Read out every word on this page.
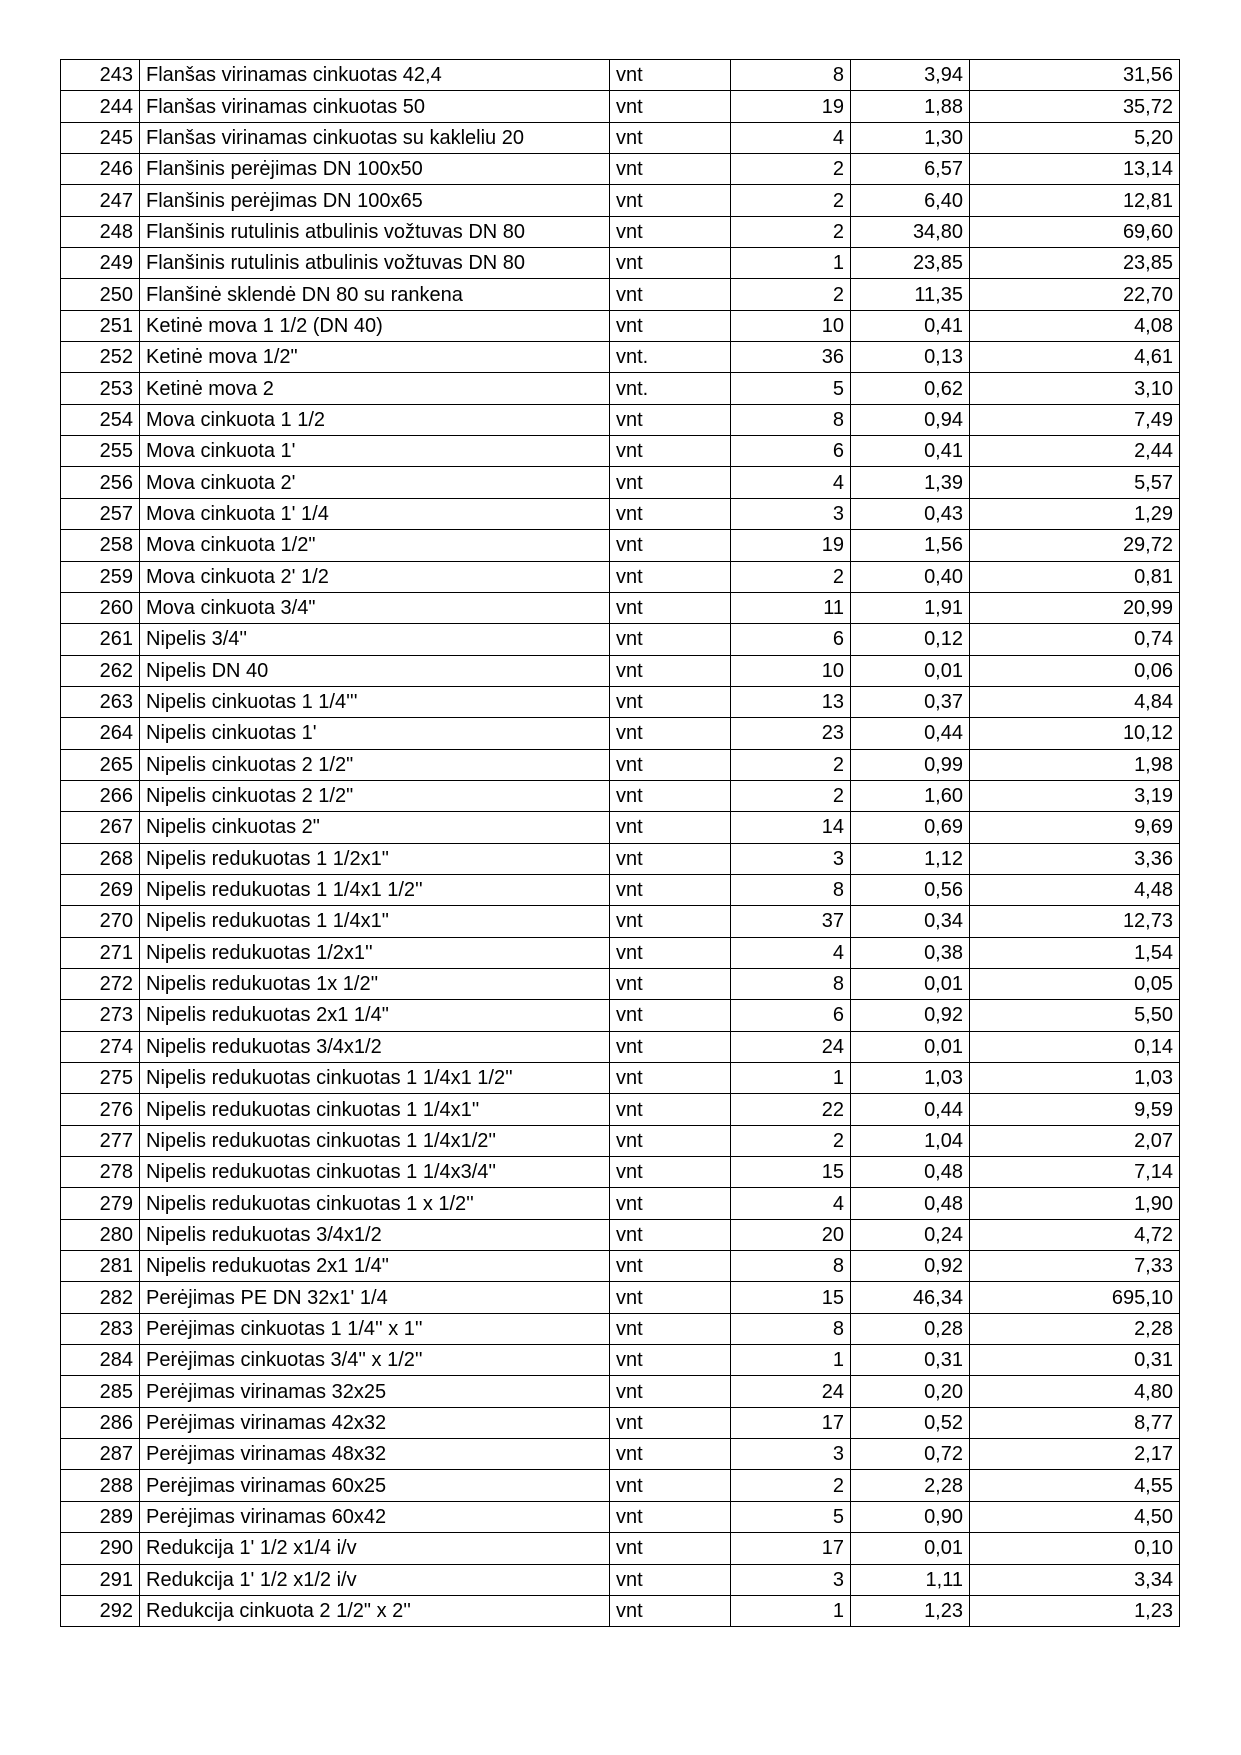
243	Flanšas virinamas cinkuotas 42,4	vnt	8	3,94	31,56
244	Flanšas virinamas cinkuotas 50	vnt	19	1,88	35,72
245	Flanšas virinamas cinkuotas su kakleliu 20	vnt	4	1,30	5,20
246	Flanšinis perėjimas DN 100x50	vnt	2	6,57	13,14
247	Flanšinis perėjimas DN 100x65	vnt	2	6,40	12,81
248	Flanšinis rutulinis atbulinis vožtuvas DN 80	vnt	2	34,80	69,60
249	Flanšinis rutulinis atbulinis vožtuvas DN 80	vnt	1	23,85	23,85
250	Flanšinė sklendė DN 80 su rankena	vnt	2	11,35	22,70
251	Ketinė mova 1 1/2 (DN 40)	vnt	10	0,41	4,08
252	Ketinė mova 1/2"	vnt.	36	0,13	4,61
253	Ketinė mova 2	vnt.	5	0,62	3,10
254	Mova cinkuota 1 1/2	vnt	8	0,94	7,49
255	Mova cinkuota 1'	vnt	6	0,41	2,44
256	Mova cinkuota 2'	vnt	4	1,39	5,57
257	Mova cinkuota 1' 1/4	vnt	3	0,43	1,29
258	Mova cinkuota 1/2"	vnt	19	1,56	29,72
259	Mova cinkuota 2' 1/2	vnt	2	0,40	0,81
260	Mova cinkuota 3/4"	vnt	11	1,91	20,99
261	Nipelis 3/4''	vnt	6	0,12	0,74
262	Nipelis DN 40	vnt	10	0,01	0,06
263	Nipelis cinkuotas 1 1/4'''	vnt	13	0,37	4,84
264	Nipelis cinkuotas 1'	vnt	23	0,44	10,12
265	Nipelis cinkuotas 2 1/2"	vnt	2	0,99	1,98
266	Nipelis cinkuotas 2 1/2"	vnt	2	1,60	3,19
267	Nipelis cinkuotas 2"	vnt	14	0,69	9,69
268	Nipelis redukuotas 1 1/2x1"	vnt	3	1,12	3,36
269	Nipelis redukuotas 1 1/4x1 1/2''	vnt	8	0,56	4,48
270	Nipelis redukuotas 1 1/4x1"	vnt	37	0,34	12,73
271	Nipelis redukuotas 1/2x1''	vnt	4	0,38	1,54
272	Nipelis redukuotas 1x 1/2''	vnt	8	0,01	0,05
273	Nipelis redukuotas 2x1 1/4"	vnt	6	0,92	5,50
274	Nipelis redukuotas 3/4x1/2	vnt	24	0,01	0,14
275	Nipelis redukuotas cinkuotas 1 1/4x1 1/2''	vnt	1	1,03	1,03
276	Nipelis redukuotas cinkuotas 1 1/4x1''	vnt	22	0,44	9,59
277	Nipelis redukuotas cinkuotas 1 1/4x1/2''	vnt	2	1,04	2,07
278	Nipelis redukuotas cinkuotas 1 1/4x3/4''	vnt	15	0,48	7,14
279	Nipelis redukuotas cinkuotas 1 x 1/2''	vnt	4	0,48	1,90
280	Nipelis redukuotas 3/4x1/2	vnt	20	0,24	4,72
281	Nipelis redukuotas 2x1 1/4"	vnt	8	0,92	7,33
282	Perėjimas PE DN 32x1' 1/4	vnt	15	46,34	695,10
283	Perėjimas cinkuotas 1 1/4'' x 1''	vnt	8	0,28	2,28
284	Perėjimas cinkuotas 3/4'' x 1/2''	vnt	1	0,31	0,31
285	Perėjimas virinamas 32x25	vnt	24	0,20	4,80
286	Perėjimas virinamas 42x32	vnt	17	0,52	8,77
287	Perėjimas virinamas 48x32	vnt	3	0,72	2,17
288	Perėjimas virinamas 60x25	vnt	2	2,28	4,55
289	Perėjimas virinamas 60x42	vnt	5	0,90	4,50
290	Redukcija 1' 1/2 x1/4 i/v	vnt	17	0,01	0,10
291	Redukcija 1' 1/2 x1/2 i/v	vnt	3	1,11	3,34
292	Redukcija cinkuota 2 1/2" x 2''	vnt	1	1,23	1,23
